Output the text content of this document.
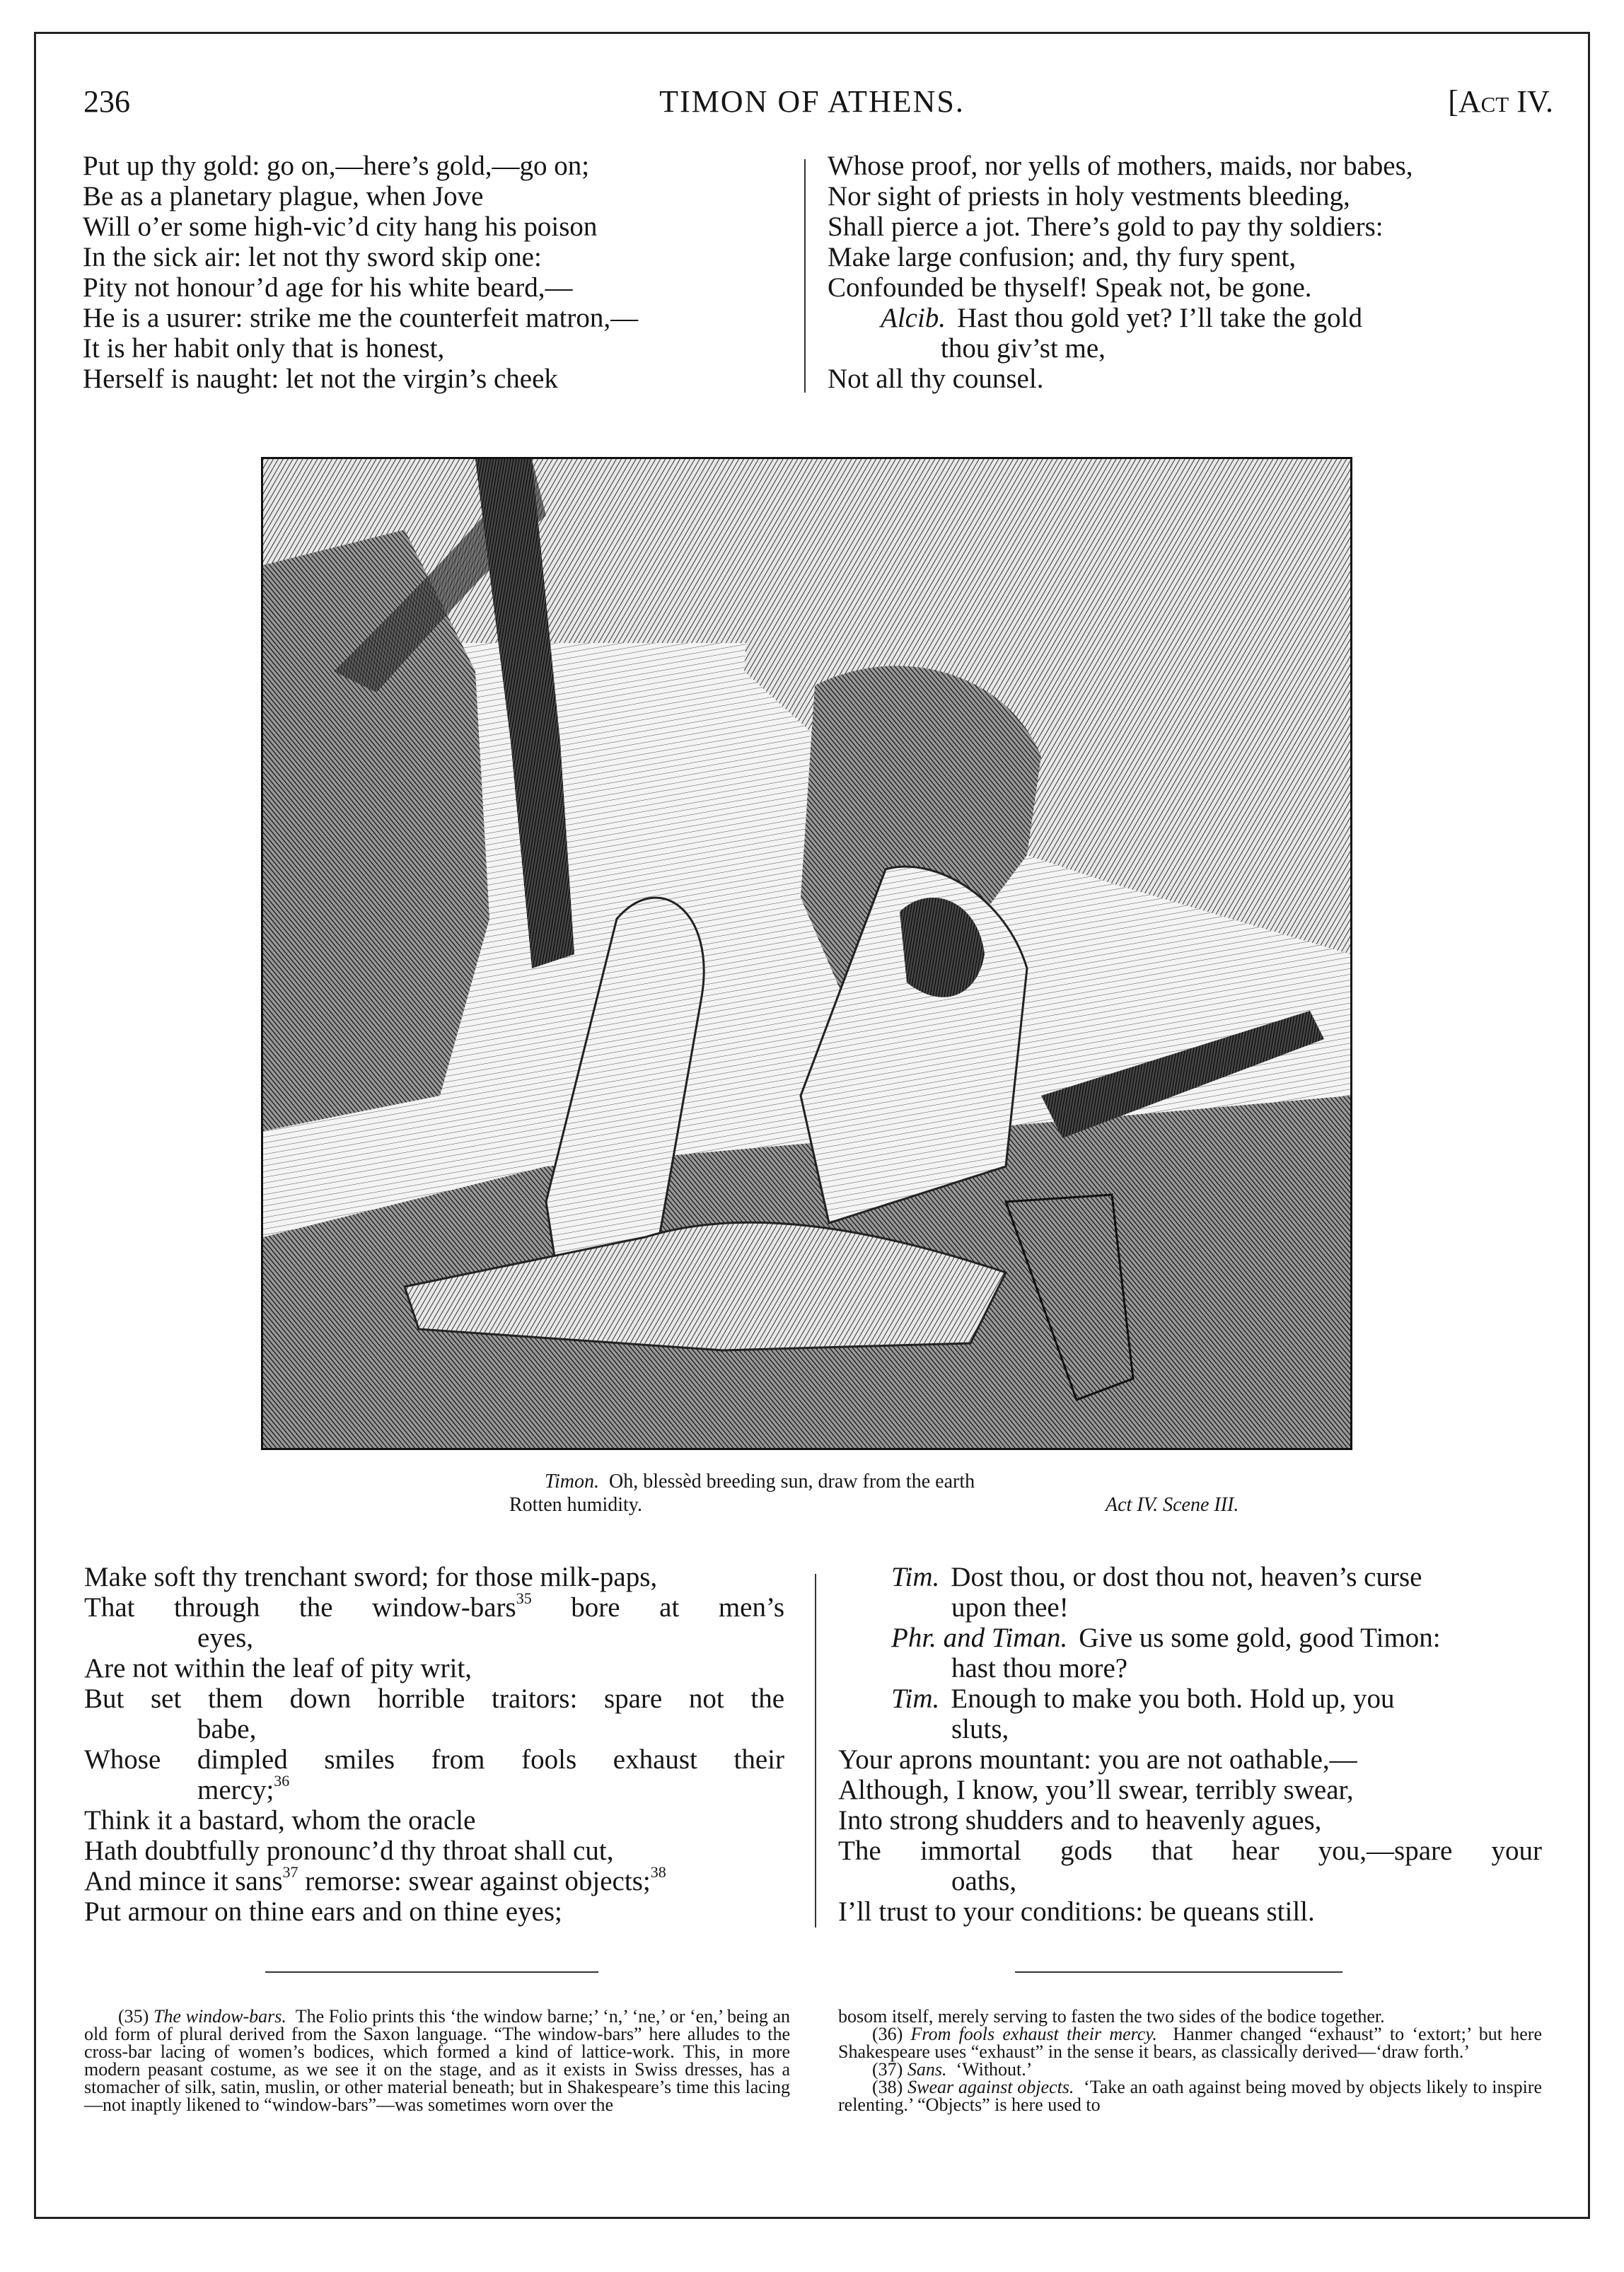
236	TIMON OF ATHENS.	[Act IV.
Put up thy gold: go on,—here’s gold,—go on;
Be as a planetary plague, when Jove
Will o’er some high-vic’d city hang his poison
In the sick air: let not thy sword skip one:
Pity not honour’d age for his white beard,—
He is a usurer: strike me the counterfeit matron,—
It is her habit only that is honest,
Herself is naught: let not the virgin’s cheek
Whose proof, nor yells of mothers, maids, nor babes,
Nor sight of priests in holy vestments bleeding,
Shall pierce a jot. There’s gold to pay thy soldiers:
Make large confusion; and, thy fury spent,
Confounded be thyself! Speak not, be gone.
Alcib. Hast thou gold yet? I’ll take the gold
thou giv’st me,
Not all thy counsel.
Timon. Oh, blessèd breeding sun, draw from the earth
Rotten humidity.	Act IV. Scene III.
Make soft thy trenchant sword; for those milk-paps,
That through the window-bars$^{35}$ bore at men’s
eyes,
Are not within the leaf of pity writ,
But set them down horrible traitors: spare not the
babe,
Whose dimpled smiles from fools exhaust their
mercy;$^{36}$
Think it a bastard, whom the oracle
Hath doubtfully pronounc’d thy throat shall cut,
And mince it sans$^{37}$ remorse: swear against objects;$^{38}$
Put armour on thine ears and on thine eyes;
Tim. Dost thou, or dost thou not, heaven’s curse
upon thee!
Phr. and Timan. Give us some gold, good Timon:
hast thou more?
Tim. Enough to make you both. Hold up, you
sluts,
Your aprons mountant: you are not oathable,—
Although, I know, you’ll swear, terribly swear,
Into strong shudders and to heavenly agues,
The immortal gods that hear you,—spare your
oaths,
I’ll trust to your conditions: be queans still.

(35) The window-bars. The Folio prints this ‘the window barne;’ ‘n,’ ‘ne,’ or ‘en,’ being an old form of plural derived from the Saxon language. “The window-bars” here alludes to the cross-bar lacing of women’s bodices, which formed a kind of lattice-work. This, in more modern peasant costume, as we see it on the stage, and as it exists in Swiss dresses, has a stomacher of silk, satin, muslin, or other material beneath; but in Shakespeare’s time this lacing—not inaptly likened to “window-bars”—was sometimes worn over the

bosom itself, merely serving to fasten the two sides of the bodice together.

(36) From fools exhaust their mercy. Hanmer changed “exhaust” to ‘extort;’ but here Shakespeare uses “exhaust” in the sense it bears, as classically derived—‘draw forth.’

(37) Sans. ‘Without.’

(38) Swear against objects. ‘Take an oath against being moved by objects likely to inspire relenting.’ “Objects” is here used to
